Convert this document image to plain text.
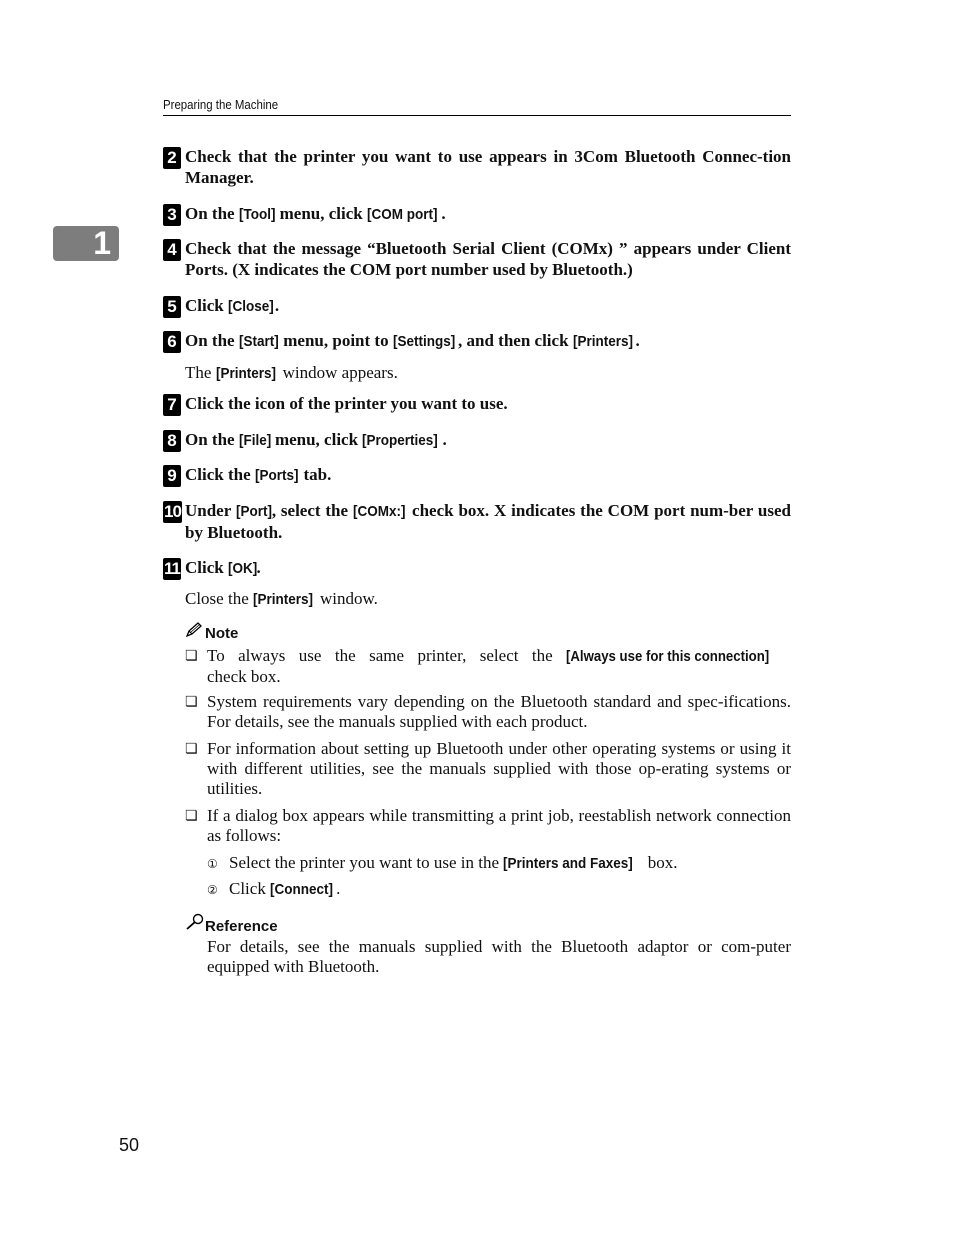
Preparing the Machine
1
2 Check that the printer you want to use appears in 3Com Bluetooth Connec-tion Manager.
3 On the [Tool] menu, click [COM port] .
4 Check that the message “Bluetooth Serial Client (COMx) ” appears under Client Ports. (X indicates the COM port number used by Bluetooth.)
5 Click [Close].
6 On the [Start] menu, point to [Settings] , and then click [Printers] .
The [Printers] window appears.
7 Click the icon of the printer you want to use.
8 On the [File] menu, click [Properties] .
9 Click the [Ports] tab.
10 Under [Port], select the [COMx:] check box. X indicates the COM port num-ber used by Bluetooth.
11 Click [OK].
Close the [Printers] window.
Note
❏ To always use the same printer, select the [Always use for this connection]
check box.
❏ System requirements vary depending on the Bluetooth standard and spec-ifications. For details, see the manuals supplied with each product.
❏ For information about setting up Bluetooth under other operating systems or using it with different utilities, see the manuals supplied with those op-erating systems or utilities.
❏ If a dialog box appears while transmitting a print job, reestablish network connection as follows:
① Select the printer you want to use in the [Printers and Faxes] box.
② Click [Connect] .
Reference
For details, see the manuals supplied with the Bluetooth adaptor or com-puter equipped with Bluetooth.
50
